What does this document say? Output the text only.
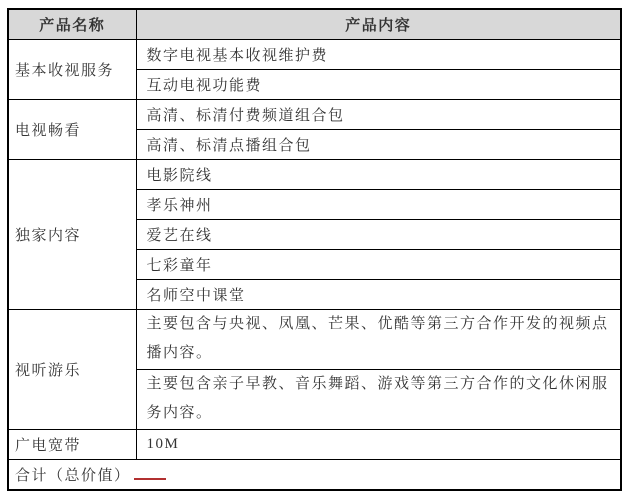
产品名称	产品内容
基本收视服务	数字电视基本收视维护费
	互动电视功能费
电视畅看	高清、标清付费频道组合包
	高清、标清点播组合包
独家内容	电影院线
	孝乐神州
	爱艺在线
	七彩童年
	名师空中课堂
视听游乐	主要包含与央视、凤凰、芒果、优酷等第三方合作开发的视频点播内容。
	主要包含亲子早教、音乐舞蹈、游戏等第三方合作的文化休闲服务内容。
广电宽带	10M
合计（总价值）	
